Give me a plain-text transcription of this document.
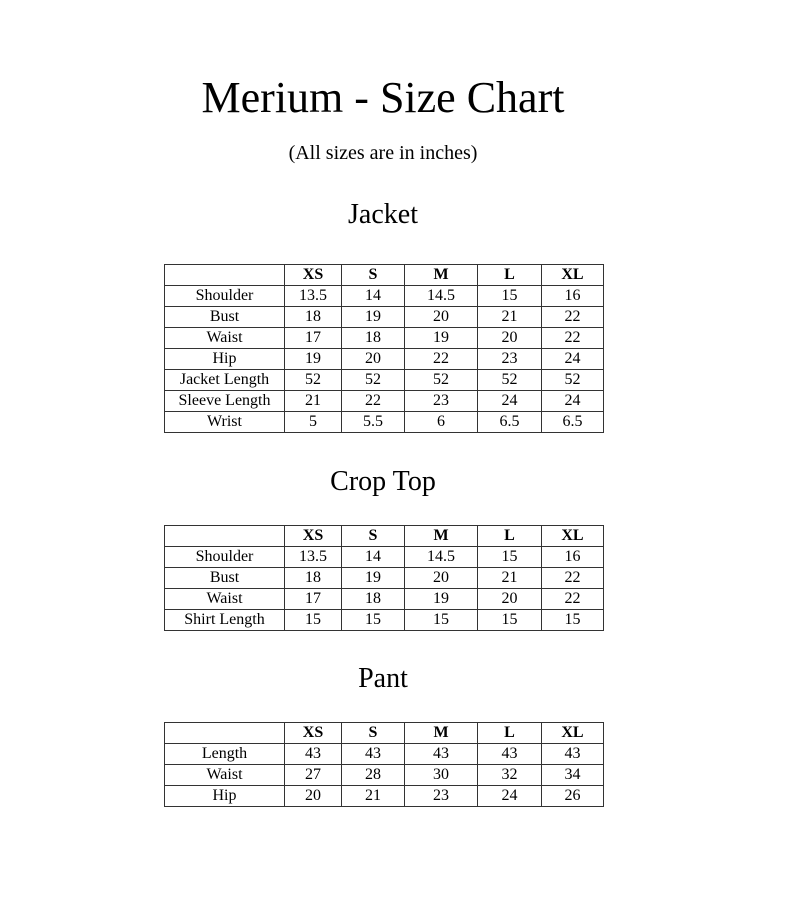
Merium - Size Chart

(All sizes are in inches)

Jacket
	XS	S	M	L	XL
Shoulder	13.5	14	14.5	15	16
Bust	18	19	20	21	22
Waist	17	18	19	20	22
Hip	19	20	22	23	24
Jacket Length	52	52	52	52	52
Sleeve Length	21	22	23	24	24
Wrist	5	5.5	6	6.5	6.5
Crop Top
	XS	S	M	L	XL
Shoulder	13.5	14	14.5	15	16
Bust	18	19	20	21	22
Waist	17	18	19	20	22
Shirt Length	15	15	15	15	15
Pant
	XS	S	M	L	XL
Length	43	43	43	43	43
Waist	27	28	30	32	34
Hip	20	21	23	24	26
